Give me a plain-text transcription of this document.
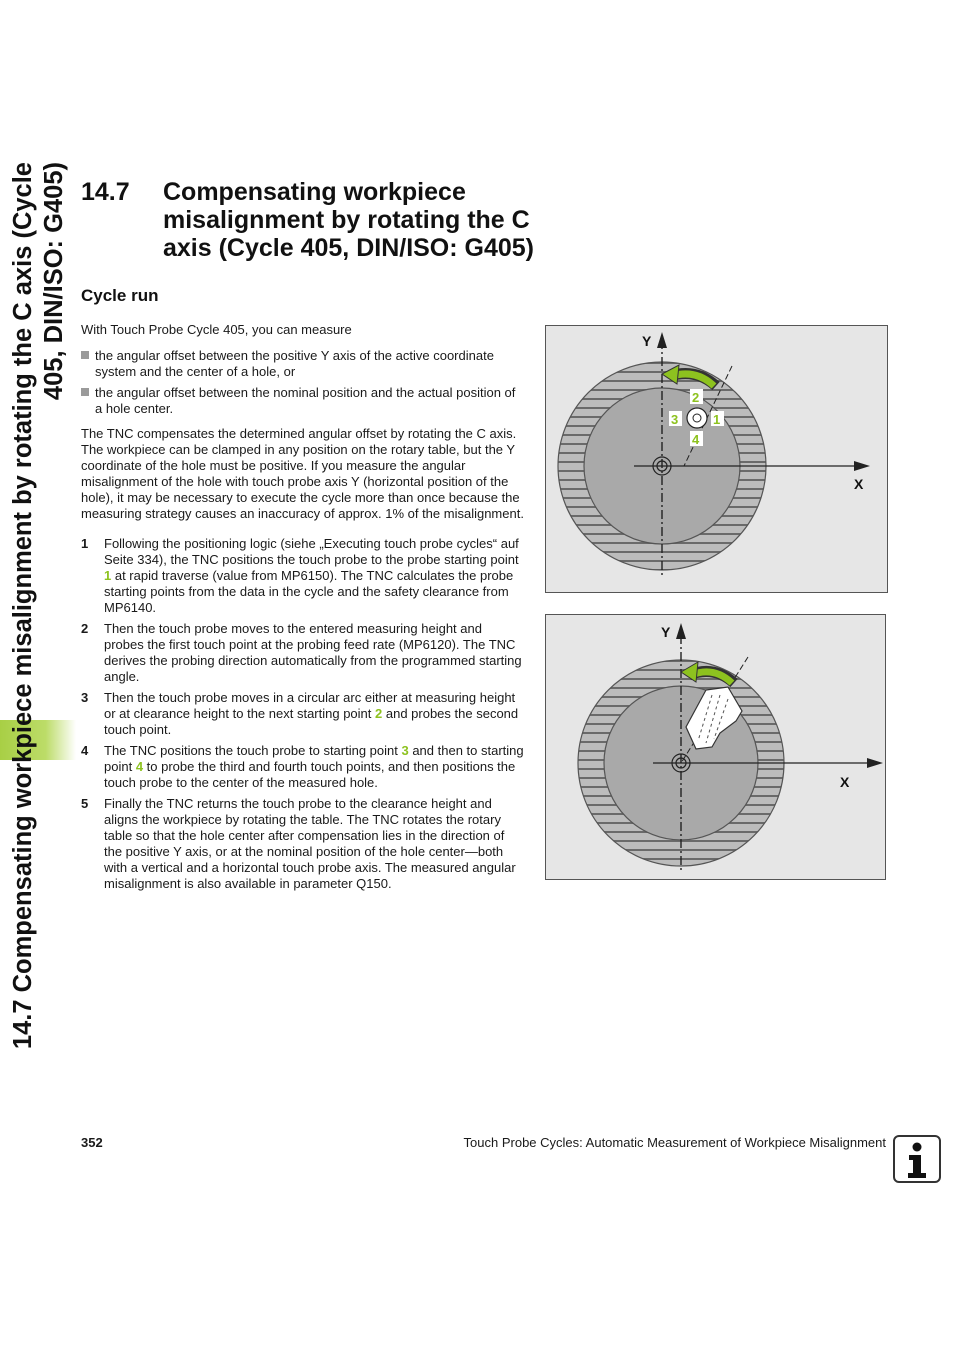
14.7 Compensating workpiece misalignment by rotating the C axis (Cycle 405, DIN/ISO: G405) 14.7 Compensating workpiece misalignment by rotating the C axis (Cycle 405, DIN/ISO: G405)
Cycle run

With Touch Probe Cycle 405, you can measure

the angular offset between the positive Y axis of the active coordinate system and the center of a hole, or
the angular offset between the nominal position and the actual position of a hole center.

The TNC compensates the determined angular offset by rotating the C axis. The workpiece can be clamped in any position on the rotary table, but the Y coordinate of the hole must be positive. If you measure the angular misalignment of the hole with touch probe axis Y (horizontal position of the hole), it may be necessary to execute the cycle more than once because the measuring strategy causes an inaccuracy of approx. 1% of the misalignment.

1 Following the positioning logic (siehe „Executing touch probe cycles“ auf Seite 334), the TNC positions the touch probe to the probe starting point 1 at rapid traverse (value from MP6150). The TNC calculates the probe starting points from the data in the cycle and the safety clearance from MP6140.
2 Then the touch probe moves to the entered measuring height and probes the first touch point at the probing feed rate (MP6120). The TNC derives the probing direction automatically from the programmed starting angle.
3 Then the touch probe moves in a circular arc either at measuring height or at clearance height to the next starting point 2 and probes the second touch point.
4 The TNC positions the touch probe to starting point 3 and then to starting point 4 to probe the third and fourth touch points, and then positions the touch probe to the center of the measured hole.
5 Finally the TNC returns the touch probe to the clearance height and aligns the workpiece by rotating the table. The TNC rotates the rotary table so that the hole center after compensation lies in the direction of the positive Y axis, or at the nominal position of the hole center—both with a vertical and a horizontal touch probe axis. The measured angular misalignment is also available in parameter Q150.
2
1
3
4
Y
X
Y
X
352	Touch Probe Cycles: Automatic Measurement of Workpiece Misalignment
